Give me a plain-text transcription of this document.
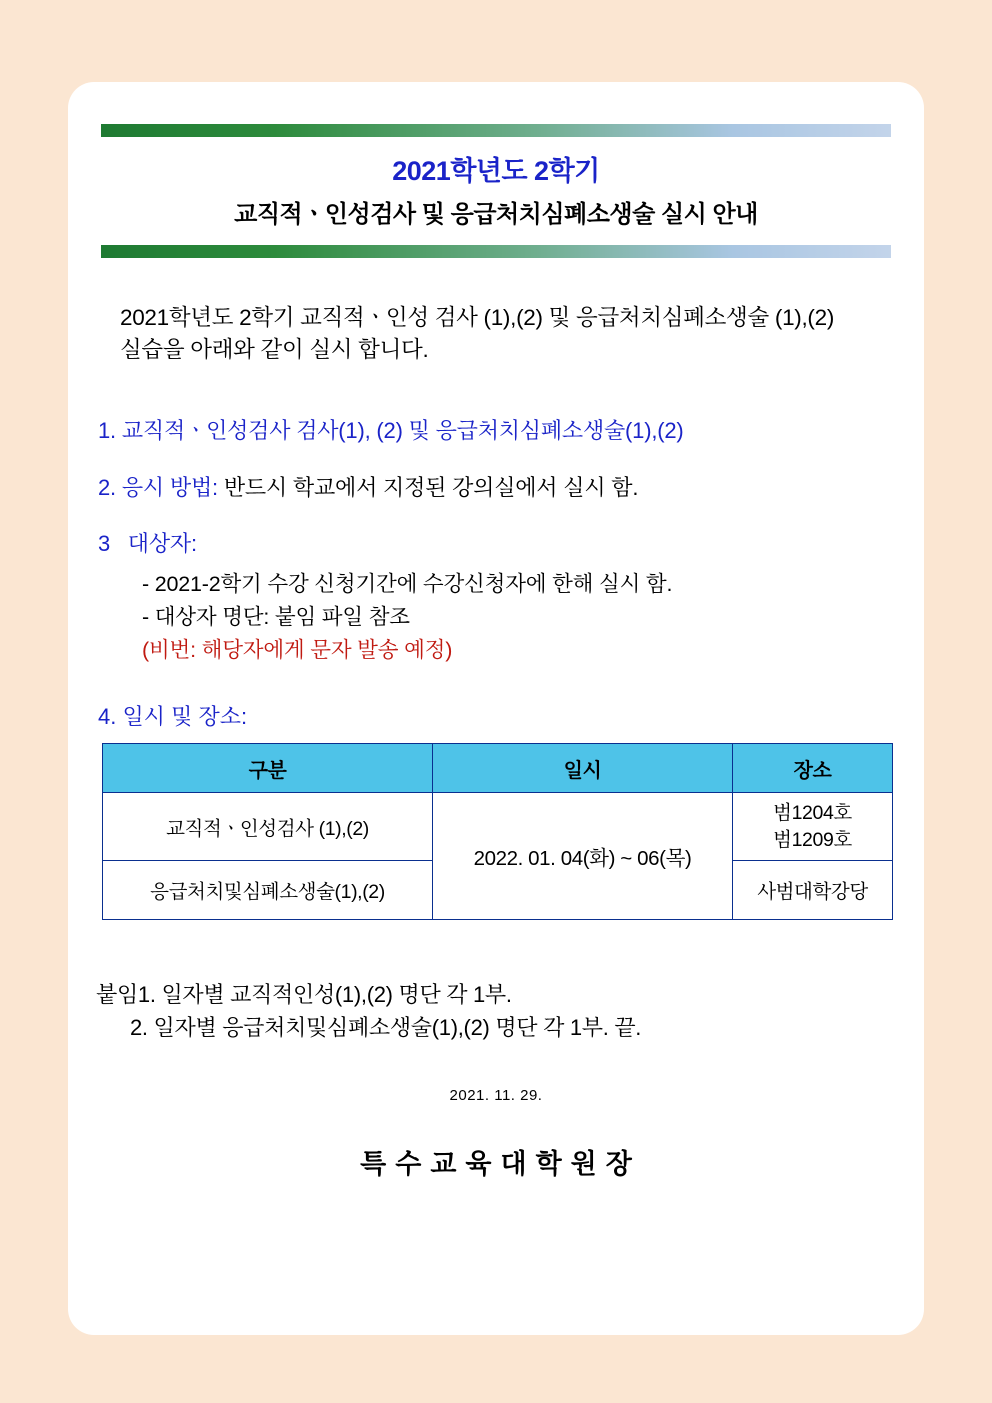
2021학년도 2학기
교직적ㆍ인성검사 및 응급처치심폐소생술 실시 안내
2021학년도 2학기 교직적ㆍ인성 검사 (1),(2) 및 응급처치심폐소생술 (1),(2) 실습을 아래와 같이 실시 합니다.
1. 교직적ㆍ인성검사 검사(1), (2) 및 응급처치심폐소생술(1),(2)
2. 응시 방법: 반드시 학교에서 지정된 강의실에서 실시 함.
3 대상자:
- 2021-2학기 수강 신청기간에 수강신청자에 한해 실시 함.
- 대상자 명단: 붙임 파일 참조
(비번: 해당자에게 문자 발송 예정)
4. 일시 및 장소:
구분	일시	장소
교직적ㆍ인성검사 (1),(2)	2022. 01. 04(화) ~ 06(목)	범1204호
범1209호

응급처치및심폐소생술(1),(2)		사범대학강당
붙임1. 일자별 교직적인성(1),(2) 명단 각 1부.
2. 일자별 응급처치및심폐소생술(1),(2) 명단 각 1부. 끝.
2021. 11. 29.
특수교육대학원장
